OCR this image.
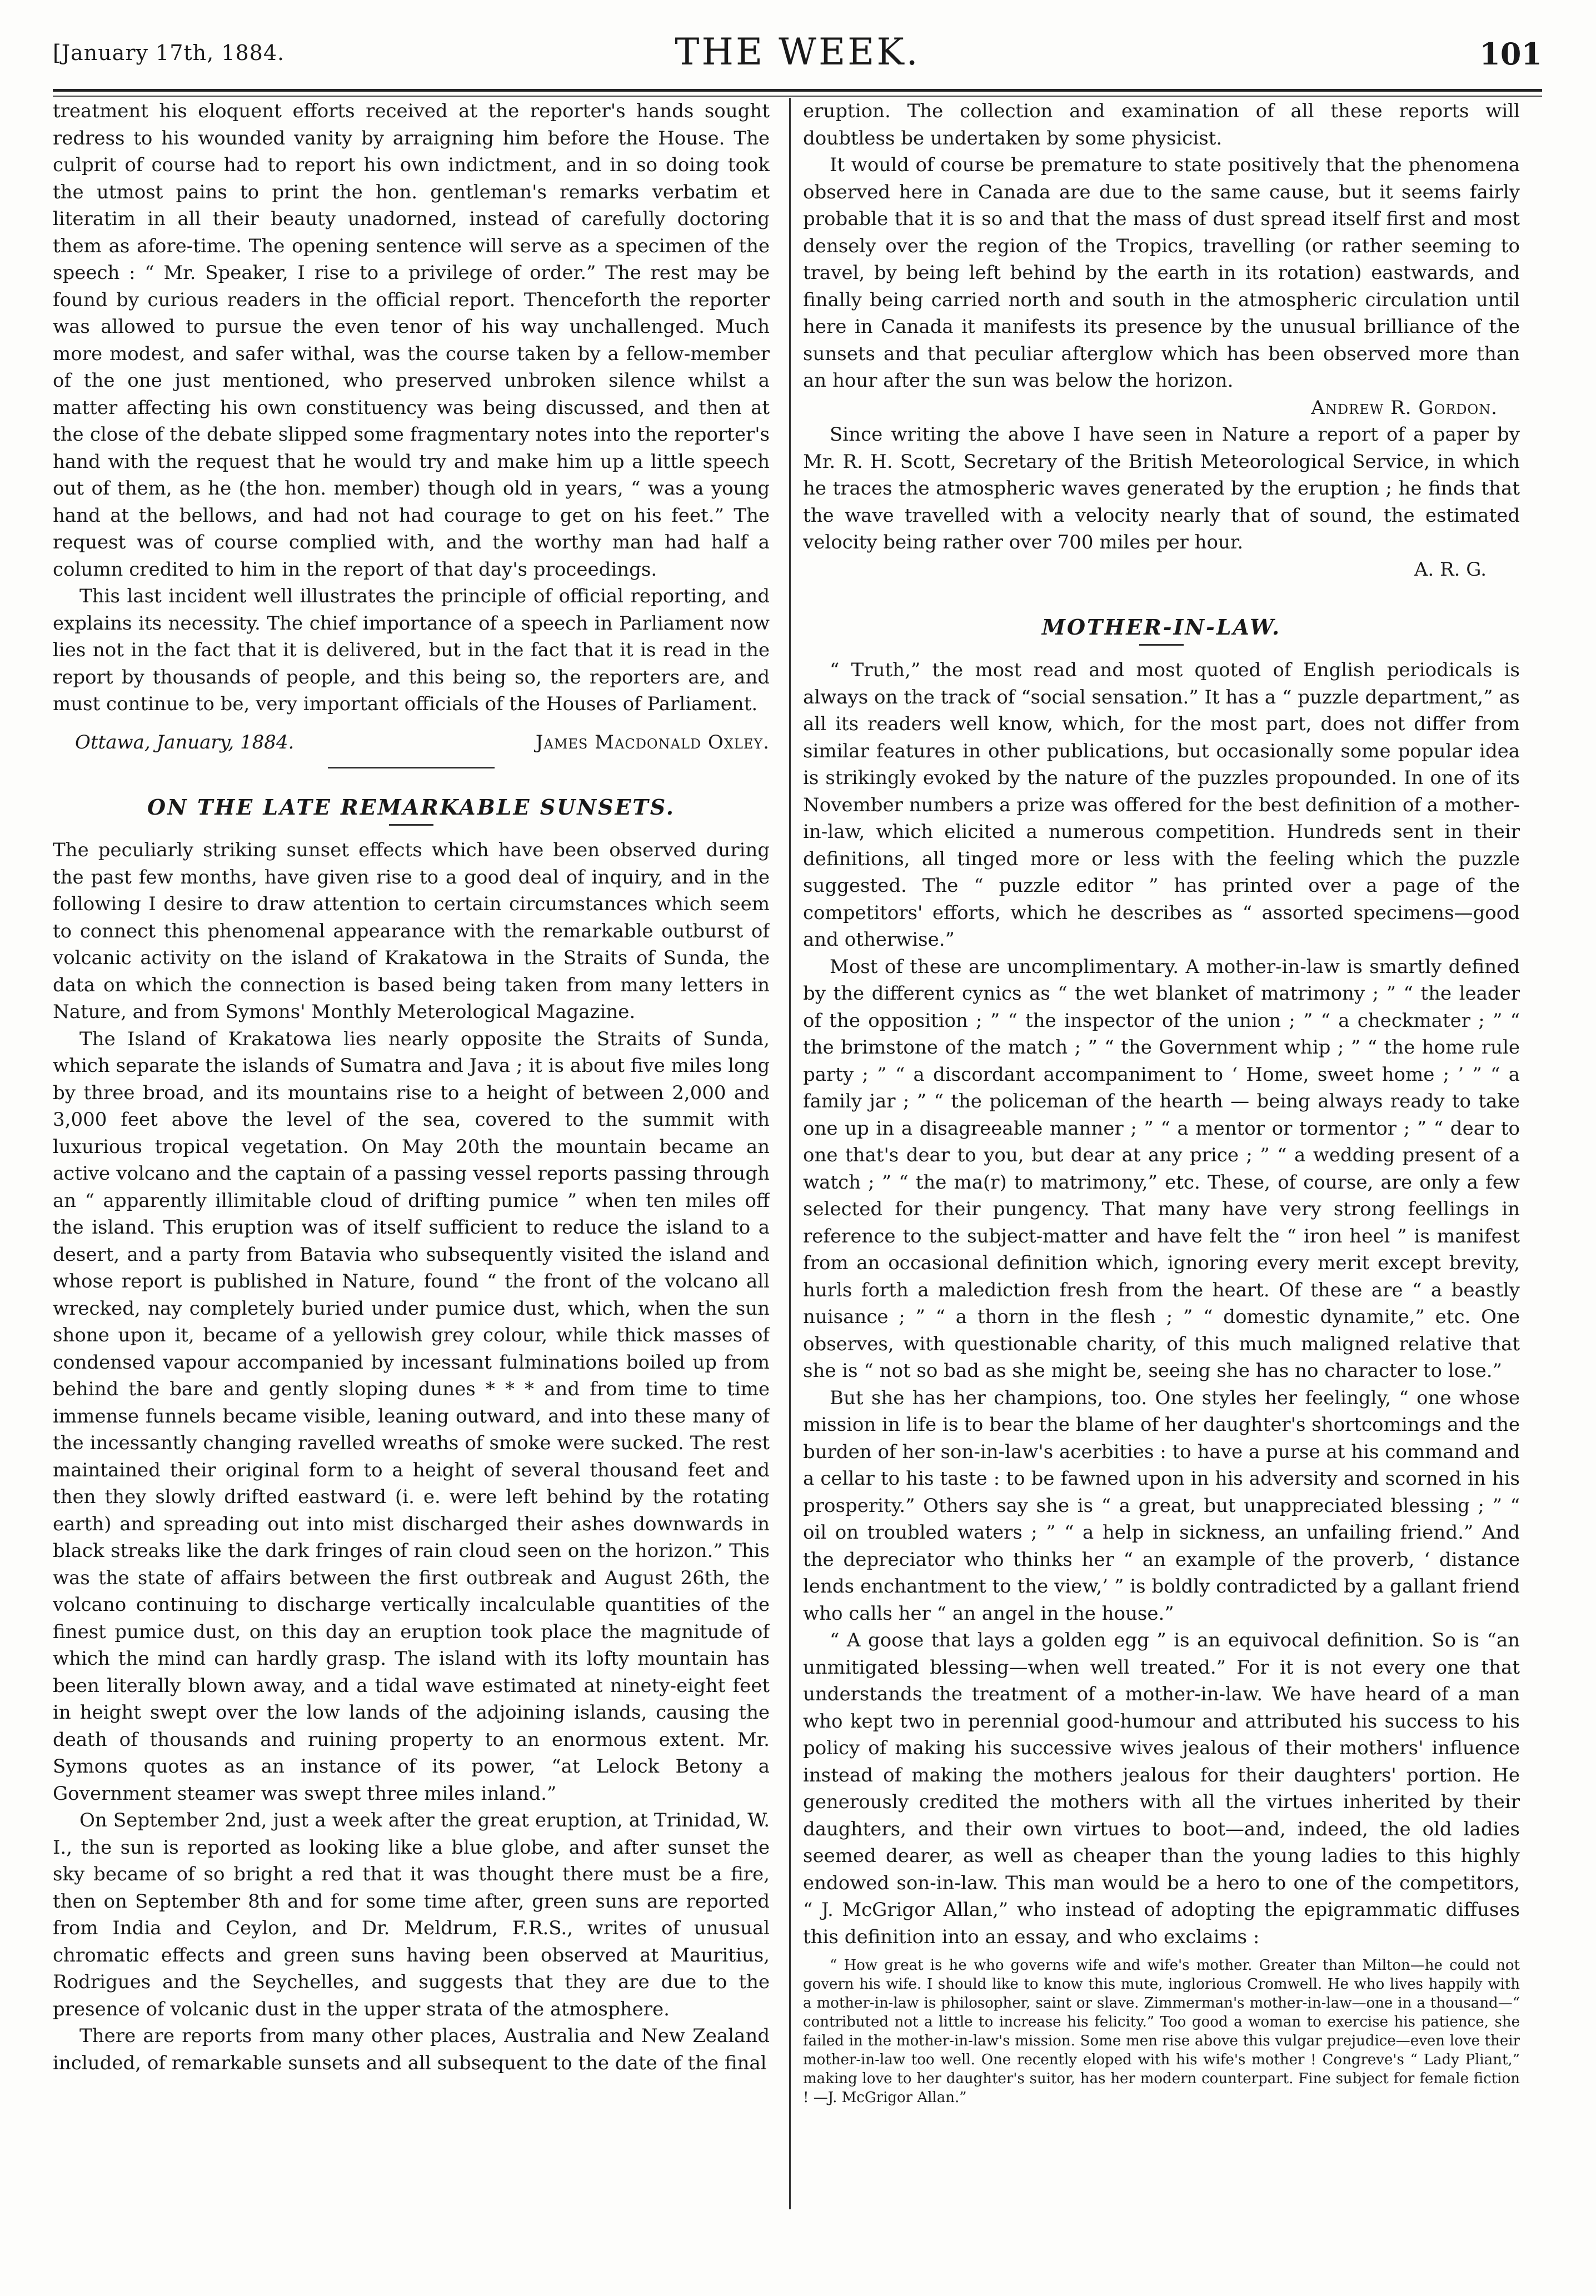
[January 17th, 1884.	THE WEEK.	101

treatment his eloquent efforts received at the reporter's hands sought redress to his wounded vanity by arraigning him before the House. The culprit of course had to report his own indictment, and in so doing took the utmost pains to print the hon. gentleman's remarks verbatim et literatim in all their beauty unadorned, instead of carefully doctoring them as afore-time. The opening sentence will serve as a specimen of the speech : “ Mr. Speaker, I rise to a privilege of order.” The rest may be found by curious readers in the official report. Thenceforth the reporter was allowed to pursue the even tenor of his way unchallenged. Much more modest, and safer withal, was the course taken by a fellow-member of the one just mentioned, who preserved unbroken silence whilst a matter affecting his own constituency was being discussed, and then at the close of the debate slipped some fragmentary notes into the reporter's hand with the request that he would try and make him up a little speech out of them, as he (the hon. member) though old in years, “ was a young hand at the bellows, and had not had courage to get on his feet.” The request was of course complied with, and the worthy man had half a column credited to him in the report of that day's proceedings.

This last incident well illustrates the principle of official reporting, and explains its necessity. The chief importance of a speech in Parliament now lies not in the fact that it is delivered, but in the fact that it is read in the report by thousands of people, and this being so, the reporters are, and must continue to be, very important officials of the Houses of Parliament.

Ottawa, January, 1884.	James Macdonald Oxley.
ON THE LATE REMARKABLE SUNSETS.

The peculiarly striking sunset effects which have been observed during the past few months, have given rise to a good deal of inquiry, and in the following I desire to draw attention to certain circumstances which seem to connect this phenomenal appearance with the remarkable outburst of volcanic activity on the island of Krakatowa in the Straits of Sunda, the data on which the connection is based being taken from many letters in Nature, and from Symons' Monthly Meterological Magazine.

The Island of Krakatowa lies nearly opposite the Straits of Sunda, which separate the islands of Sumatra and Java ; it is about five miles long by three broad, and its mountains rise to a height of between 2,000 and 3,000 feet above the level of the sea, covered to the summit with luxurious tropical vegetation. On May 20th the mountain became an active volcano and the captain of a passing vessel reports passing through an “ apparently illimitable cloud of drifting pumice ” when ten miles off the island. This eruption was of itself sufficient to reduce the island to a desert, and a party from Batavia who subsequently visited the island and whose report is published in Nature, found “ the front of the volcano all wrecked, nay completely buried under pumice dust, which, when the sun shone upon it, became of a yellowish grey colour, while thick masses of condensed vapour accompanied by incessant fulminations boiled up from behind the bare and gently sloping dunes * * * and from time to time immense funnels became visible, leaning outward, and into these many of the incessantly changing ravelled wreaths of smoke were sucked. The rest maintained their original form to a height of several thousand feet and then they slowly drifted eastward (i. e. were left behind by the rotating earth) and spreading out into mist discharged their ashes downwards in black streaks like the dark fringes of rain cloud seen on the horizon.” This was the state of affairs between the first outbreak and August 26th, the volcano continuing to discharge vertically incalculable quantities of the finest pumice dust, on this day an eruption took place the magnitude of which the mind can hardly grasp. The island with its lofty mountain has been literally blown away, and a tidal wave estimated at ninety-eight feet in height swept over the low lands of the adjoining islands, causing the death of thousands and ruining property to an enormous extent. Mr. Symons quotes as an instance of its power, “at Lelock Betony a Government steamer was swept three miles inland.”

On September 2nd, just a week after the great eruption, at Trinidad, W. I., the sun is reported as looking like a blue globe, and after sunset the sky became of so bright a red that it was thought there must be a fire, then on September 8th and for some time after, green suns are reported from India and Ceylon, and Dr. Meldrum, F.R.S., writes of unusual chromatic effects and green suns having been observed at Mauritius, Rodrigues and the Seychelles, and suggests that they are due to the presence of volcanic dust in the upper strata of the atmosphere.

There are reports from many other places, Australia and New Zealand included, of remarkable sunsets and all subsequent to the date of the final

eruption. The collection and examination of all these reports will doubtless be undertaken by some physicist.

It would of course be premature to state positively that the phenomena observed here in Canada are due to the same cause, but it seems fairly probable that it is so and that the mass of dust spread itself first and most densely over the region of the Tropics, travelling (or rather seeming to travel, by being left behind by the earth in its rotation) eastwards, and finally being carried north and south in the atmospheric circulation until here in Canada it manifests its presence by the unusual brilliance of the sunsets and that peculiar afterglow which has been observed more than an hour after the sun was below the horizon.

Andrew R. Gordon.

Since writing the above I have seen in Nature a report of a paper by Mr. R. H. Scott, Secretary of the British Meteorological Service, in which he traces the atmospheric waves generated by the eruption ; he finds that the wave travelled with a velocity nearly that of sound, the estimated velocity being rather over 700 miles per hour.

A. R. G.
MOTHER-IN-LAW.

“ Truth,” the most read and most quoted of English periodicals is always on the track of “social sensation.” It has a “ puzzle department,” as all its readers well know, which, for the most part, does not differ from similar features in other publications, but occasionally some popular idea is strikingly evoked by the nature of the puzzles propounded. In one of its November numbers a prize was offered for the best definition of a mother-in-law, which elicited a numerous competition. Hundreds sent in their definitions, all tinged more or less with the feeling which the puzzle suggested. The “ puzzle editor ” has printed over a page of the competitors' efforts, which he describes as “ assorted specimens—good and otherwise.”

Most of these are uncomplimentary. A mother-in-law is smartly defined by the different cynics as “ the wet blanket of matrimony ; ” “ the leader of the opposition ; ” “ the inspector of the union ; ” “ a checkmater ; ” “ the brimstone of the match ; ” “ the Government whip ; ” “ the home rule party ; ” “ a discordant accompaniment to ‘ Home, sweet home ; ’ ” “ a family jar ; ” “ the policeman of the hearth — being always ready to take one up in a disagreeable manner ; ” “ a mentor or tormentor ; ” “ dear to one that's dear to you, but dear at any price ; ” “ a wedding present of a watch ; ” “ the ma(r) to matrimony,” etc. These, of course, are only a few selected for their pungency. That many have very strong feellings in reference to the subject-matter and have felt the “ iron heel ” is manifest from an occasional definition which, ignoring every merit except brevity, hurls forth a malediction fresh from the heart. Of these are “ a beastly nuisance ; ” “ a thorn in the flesh ; ” “ domestic dynamite,” etc. One observes, with questionable charity, of this much maligned relative that she is “ not so bad as she might be, seeing she has no character to lose.”

But she has her champions, too. One styles her feelingly, “ one whose mission in life is to bear the blame of her daughter's shortcomings and the burden of her son-in-law's acerbities : to have a purse at his command and a cellar to his taste : to be fawned upon in his adversity and scorned in his prosperity.” Others say she is “ a great, but unappreciated blessing ; ” “ oil on troubled waters ; ” “ a help in sickness, an unfailing friend.” And the depreciator who thinks her “ an example of the proverb, ‘ distance lends enchantment to the view,’ ” is boldly contradicted by a gallant friend who calls her “ an angel in the house.”

“ A goose that lays a golden egg ” is an equivocal definition. So is “an unmitigated blessing—when well treated.” For it is not every one that understands the treatment of a mother-in-law. We have heard of a man who kept two in perennial good-humour and attributed his success to his policy of making his successive wives jealous of their mothers' influence instead of making the mothers jealous for their daughters' portion. He generously credited the mothers with all the virtues inherited by their daughters, and their own virtues to boot—and, indeed, the old ladies seemed dearer, as well as cheaper than the young ladies to this highly endowed son-in-law. This man would be a hero to one of the competitors, “ J. McGrigor Allan,” who instead of adopting the epigrammatic diffuses this definition into an essay, and who exclaims :

“ How great is he who governs wife and wife's mother. Greater than Milton—he could not govern his wife. I should like to know this mute, inglorious Cromwell. He who lives happily with a mother-in-law is philosopher, saint or slave. Zimmerman's mother-in-law—one in a thousand—“ contributed not a little to increase his felicity.” Too good a woman to exercise his patience, she failed in the mother-in-law's mission. Some men rise above this vulgar prejudice—even love their mother-in-law too well. One recently eloped with his wife's mother ! Congreve's “ Lady Pliant,” making love to her daughter's suitor, has her modern counterpart. Fine subject for female fiction ! —J. McGrigor Allan.”
